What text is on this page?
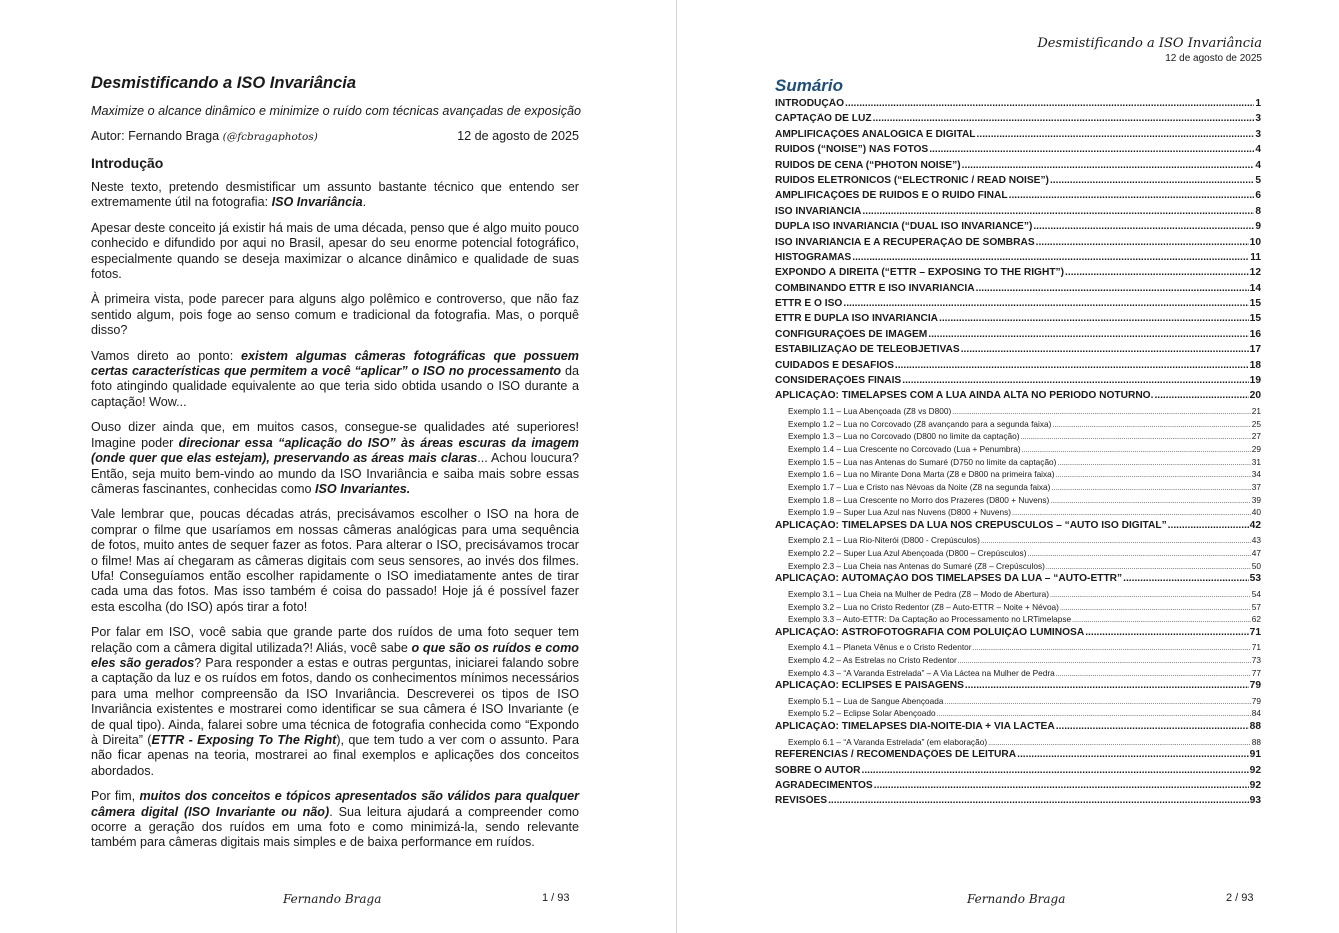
Desmistificando a ISO Invariância

Maximize o alcance dinâmico e minimize o ruído com técnicas avançadas de exposição

Autor: Fernando Braga (@fcbragaphotos)	12 de agosto de 2025
Introdução

Neste texto, pretendo desmistificar um assunto bastante técnico que entendo ser extremamente útil na fotografia: ISO Invariância.

Apesar deste conceito já existir há mais de uma década, penso que é algo muito pouco conhecido e difundido por aqui no Brasil, apesar do seu enorme potencial fotográfico, especialmente quando se deseja maximizar o alcance dinâmico e qualidade de suas fotos.

À primeira vista, pode parecer para alguns algo polêmico e controverso, que não faz sentido algum, pois foge ao senso comum e tradicional da fotografia. Mas, o porquê disso?

Vamos direto ao ponto: existem algumas câmeras fotográficas que possuem certas características que permitem a você “aplicar” o ISO no processamento da foto atingindo qualidade equivalente ao que teria sido obtida usando o ISO durante a captação! Wow...

Ouso dizer ainda que, em muitos casos, consegue-se qualidades até superiores! Imagine poder direcionar essa “aplicação do ISO” às áreas escuras da imagem (onde quer que elas estejam), preservando as áreas mais claras... Achou loucura? Então, seja muito bem-vindo ao mundo da ISO Invariância e saiba mais sobre essas câmeras fascinantes, conhecidas como ISO Invariantes.

Vale lembrar que, poucas décadas atrás, precisávamos escolher o ISO na hora de comprar o filme que usaríamos em nossas câmeras analógicas para uma sequência de fotos, muito antes de sequer fazer as fotos. Para alterar o ISO, precisávamos trocar o filme! Mas aí chegaram as câmeras digitais com seus sensores, ao invés dos filmes. Ufa! Conseguíamos então escolher rapidamente o ISO imediatamente antes de tirar cada uma das fotos. Mas isso também é coisa do passado! Hoje já é possível fazer esta escolha (do ISO) após tirar a foto!

Por falar em ISO, você sabia que grande parte dos ruídos de uma foto sequer tem relação com a câmera digital utilizada?! Aliás, você sabe o que são os ruídos e como eles são gerados? Para responder a estas e outras perguntas, iniciarei falando sobre a captação da luz e os ruídos em fotos, dando os conhecimentos mínimos necessários para uma melhor compreensão da ISO Invariância. Descreverei os tipos de ISO Invariância existentes e mostrarei como identificar se sua câmera é ISO Invariante (e de qual tipo). Ainda, falarei sobre uma técnica de fotografia conhecida como “Expondo à Direita” (ETTR - Exposing To The Right), que tem tudo a ver com o assunto. Para não ficar apenas na teoria, mostrarei ao final exemplos e aplicações dos conceitos abordados.

Por fim, muitos dos conceitos e tópicos apresentados são válidos para qualquer câmera digital (ISO Invariante ou não). Sua leitura ajudará a compreender como ocorre a geração dos ruídos em uma foto e como minimizá-la, sendo relevante também para câmeras digitais mais simples e de baixa performance em ruídos.

Fernando Braga	1 / 93
Desmistificando a ISO Invariância
12 de agosto de 2025
Sumário
INTRODUÇÃO .....	1
CAPTAÇÃO DE LUZ .....	3
AMPLIFICAÇÕES ANALÓGICA E DIGITAL .....	3
RUÍDOS (“NOISE”) NAS FOTOS .....	4
RUÍDOS DE CENA (“PHOTON NOISE”) .....	4
RUÍDOS ELETRÔNICOS (“ELECTRONIC / READ NOISE”) .....	5
AMPLIFICAÇÕES DE RUÍDOS E O RUÍDO FINAL .....	6
ISO INVARIÂNCIA .....	8
DUPLA ISO INVARIÂNCIA (“DUAL ISO INVARIANCE”) .....	9
ISO INVARIÂNCIA E A RECUPERAÇÃO DE SOMBRAS .....	10
HISTOGRAMAS .....	11
EXPONDO À DIREITA (“ETTR – EXPOSING TO THE RIGHT”) .....	12
COMBINANDO ETTR E ISO INVARIÂNCIA .....	14
ETTR E O ISO .....	15
ETTR E DUPLA ISO INVARIÂNCIA .....	15
CONFIGURAÇÕES DE IMAGEM .....	16
ESTABILIZAÇÃO DE TELEOBJETIVAS .....	17
CUIDADOS E DESAFIOS .....	18
CONSIDERAÇÕES FINAIS .....	19
APLICAÇÃO: TIMELAPSES COM A LUA AINDA ALTA NO PERÍODO NOTURNO. .....	20
Exemplo 1.1 – Lua Abençoada (Z8 vs D800) .....	21
Exemplo 1.2 – Lua no Corcovado (Z8 avançando para a segunda faixa) .....	25
Exemplo 1.3 – Lua no Corcovado (D800 no limite da captação) .....	27
Exemplo 1.4 – Lua Crescente no Corcovado (Lua + Penumbra) .....	29
Exemplo 1.5 – Lua nas Antenas do Sumaré (D750 no limite da captação) .....	31
Exemplo 1.6 – Lua no Mirante Dona Marta (Z8 e D800 na primeira faixa) .....	34
Exemplo 1.7 – Lua e Cristo nas Névoas da Noite (Z8 na segunda faixa) .....	37
Exemplo 1.8 – Lua Crescente no Morro dos Prazeres (D800 + Nuvens) .....	39
Exemplo 1.9 – Super Lua Azul nas Nuvens (D800 + Nuvens) .....	40
APLICAÇÃO: TIMELAPSES DA LUA NOS CREPÚSCULOS – “AUTO ISO DIGITAL” .....	42
Exemplo 2.1 – Lua Rio-Niterói (D800 - Crepúsculos) .....	43
Exemplo 2.2 – Super Lua Azul Abençoada (D800 – Crepúsculos) .....	47
Exemplo 2.3 – Lua Cheia nas Antenas do Sumaré (Z8 – Crepúsculos) .....	50
APLICAÇÃO: AUTOMAÇÃO DOS TIMELAPSES DA LUA – “AUTO-ETTR” .....	53
Exemplo 3.1 – Lua Cheia na Mulher de Pedra (Z8 – Modo de Abertura) .....	54
Exemplo 3.2 – Lua no Cristo Redentor (Z8 – Auto-ETTR – Noite + Névoa) .....	57
Exemplo 3.3 – Auto-ETTR: Da Captação ao Processamento no LRTimelapse .....	62
APLICAÇÃO: ASTROFOTOGRAFIA COM POLUIÇÃO LUMINOSA .....	71
Exemplo 4.1 – Planeta Vênus e o Cristo Redentor .....	71
Exemplo 4.2 – As Estrelas no Cristo Redentor .....	73
Exemplo 4.3 – “A Varanda Estrelada” – A Via Láctea na Mulher de Pedra .....	77
APLICAÇÃO: ECLIPSES E PAISAGENS .....	79
Exemplo 5.1 – Lua de Sangue Abençoada .....	79
Exemplo 5.2 – Eclipse Solar Abençoado .....	84
APLICAÇÃO: TIMELAPSES DIA-NOITE-DIA + VIA LÁCTEA .....	88
Exemplo 6.1 – “A Varanda Estrelada” (em elaboração) .....	88
REFERÊNCIAS / RECOMENDAÇÕES DE LEITURA .....	91
SOBRE O AUTOR .....	92
AGRADECIMENTOS .....	92
REVISÕES .....	93
Fernando Braga	2 / 93
